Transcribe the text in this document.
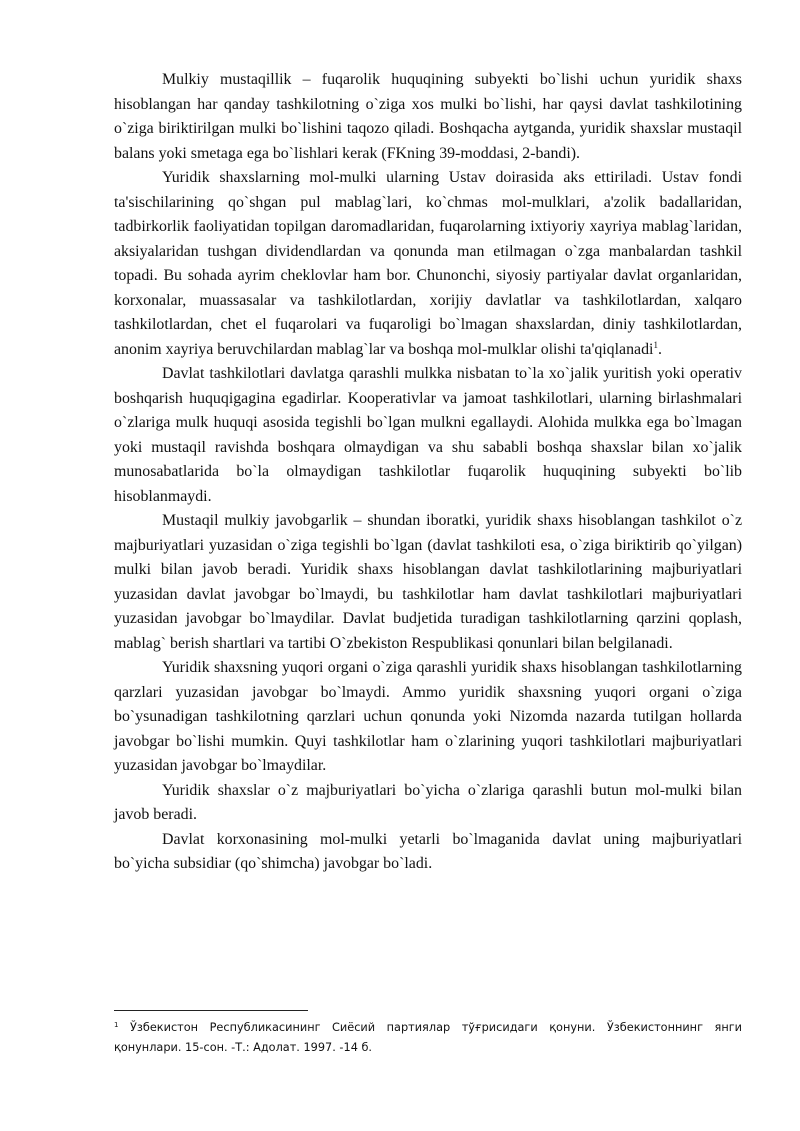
Mulkiy mustaqillik – fuqarolik huquqining subyekti bo`lishi uchun yuridik shaxs hisoblangan har qanday tashkilotning o`ziga xos mulki bo`lishi, har qaysi davlat tashkilotining o`ziga biriktirilgan mulki bo`lishini taqozo qiladi. Boshqacha aytganda, yuridik shaxslar mustaqil balans yoki smetaga ega bo`lishlari kerak (FKning 39-moddasi, 2-bandi).

Yuridik shaxslarning mol-mulki ularning Ustav doirasida aks ettiriladi. Ustav fondi ta'sischilarining qo`shgan pul mablag`lari, ko`chmas mol-mulklari, a'zolik badallaridan, tadbirkorlik faoliyatidan topilgan daromadlaridan, fuqarolarning ixtiyoriy xayriya mablag`laridan, aksiyalaridan tushgan dividendlardan va qonunda man etilmagan o`zga manbalardan tashkil topadi. Bu sohada ayrim cheklovlar ham bor. Chunonchi, siyosiy partiyalar davlat organlaridan, korxonalar, muassasalar va tashkilotlardan, xorijiy davlatlar va tashkilotlardan, xalqaro tashkilotlardan, chet el fuqarolari va fuqaroligi bo`lmagan shaxslardan, diniy tashkilotlardan, anonim xayriya beruvchilardan mablag`lar va boshqa mol-mulklar olishi ta'qiqlanadi$^1$.

Davlat tashkilotlari davlatga qarashli mulkka nisbatan to`la xo`jalik yuritish yoki operativ boshqarish huquqigagina egadirlar. Kooperativlar va jamoat tashkilotlari, ularning birlashmalari o`zlariga mulk huquqi asosida tegishli bo`lgan mulkni egallaydi. Alohida mulkka ega bo`lmagan yoki mustaqil ravishda boshqara olmaydigan va shu sababli boshqa shaxslar bilan xo`jalik munosabatlarida bo`la olmaydigan tashkilotlar fuqarolik huquqining subyekti bo`lib hisoblanmaydi.

Mustaqil mulkiy javobgarlik – shundan iboratki, yuridik shaxs hisoblangan tashkilot o`z majburiyatlari yuzasidan o`ziga tegishli bo`lgan (davlat tashkiloti esa, o`ziga biriktirib qo`yilgan) mulki bilan javob beradi. Yuridik shaxs hisoblangan davlat tashkilotlarining majburiyatlari yuzasidan davlat javobgar bo`lmaydi, bu tashkilotlar ham davlat tashkilotlari majburiyatlari yuzasidan javobgar bo`lmaydilar. Davlat budjetida turadigan tashkilotlarning qarzini qoplash, mablag` berish shartlari va tartibi O`zbekiston Respublikasi qonunlari bilan belgilanadi.

Yuridik shaxsning yuqori organi o`ziga qarashli yuridik shaxs hisoblangan tashkilotlarning qarzlari yuzasidan javobgar bo`lmaydi. Ammo yuridik shaxsning yuqori organi o`ziga bo`ysunadigan tashkilotning qarzlari uchun qonunda yoki Nizomda nazarda tutilgan hollarda javobgar bo`lishi mumkin. Quyi tashkilotlar ham o`zlarining yuqori tashkilotlari majburiyatlari yuzasidan javobgar bo`lmaydilar.

Yuridik shaxslar o`z majburiyatlari bo`yicha o`zlariga qarashli butun mol-mulki bilan javob beradi.

Davlat korxonasining mol-mulki yetarli bo`lmaganida davlat uning majburiyatlari bo`yicha subsidiar (qo`shimcha) javobgar bo`ladi.

$^1$ Ўзбекистон Республикасининг Сиёсий партиялар тўғрисидаги қонуни. Ўзбекистоннинг янги қонунлари. 15-сон. -Т.: Адолат. 1997. -14 б.
